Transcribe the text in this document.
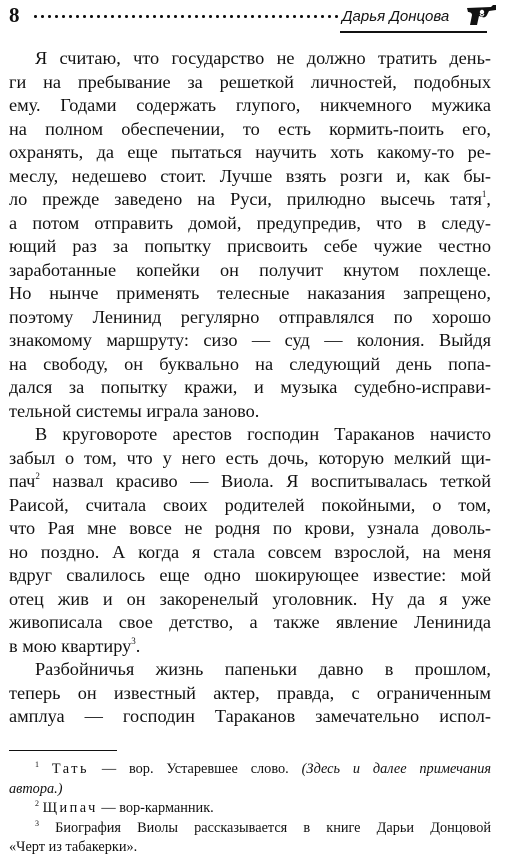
8	Дарья Донцова
Я считаю, что государство не должно тратить день-
ги на пребывание за решеткой личностей, подобных
ему. Годами содержать глупого, никчемного мужика
на полном обеспечении, то есть кормить-поить его,
охранять, да еще пытаться научить хоть какому-то ре-
меслу, недешево стоит. Лучше взять розги и, как бы-
ло прежде заведено на Руси, прилюдно высечь татя$^1$,
а потом отправить домой, предупредив, что в следу-
ющий раз за попытку присвоить себе чужие честно
заработанные копейки он получит кнутом похлеще.
Но нынче применять телесные наказания запрещено,
поэтому Ленинид регулярно отправлялся по хорошо
знакомому маршруту: сизо — суд — колония. Выйдя
на свободу, он буквально на следующий день попа-
дался за попытку кражи, и музыка судебно-исправи-
тельной системы играла заново.
В круговороте арестов господин Тараканов начисто
забыл о том, что у него есть дочь, которую мелкий щи-
пач$^2$ назвал красиво — Виола. Я воспитывалась теткой
Раисой, считала своих родителей покойными, о том,
что Рая мне вовсе не родня по крови, узнала доволь-
но поздно. А когда я стала совсем взрослой, на меня
вдруг свалилось еще одно шокирующее известие: мой
отец жив и он закоренелый уголовник. Ну да я уже
живописала свое детство, а также явление Ленинида
в мою квартиру$^3$.
Разбойничья жизнь папеньки давно в прошлом,
теперь он известный актер, правда, с ограниченным
амплуа — господин Тараканов замечательно испол-
$^1$ Тать — вор. Устаревшее слово. (Здесь и далее примечания
автора.)
$^2$ Щипач — вор-карманник.
$^3$ Биография Виолы рассказывается в книге Дарьи Донцовой
«Черт из табакерки».
